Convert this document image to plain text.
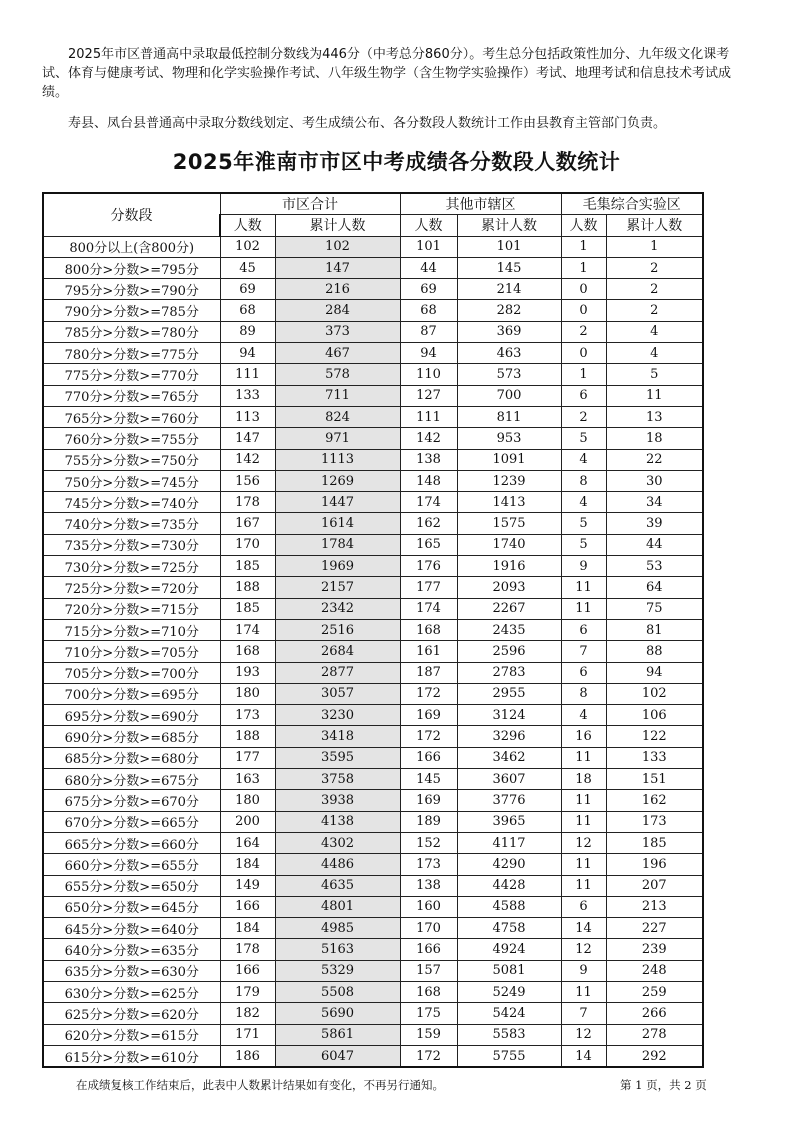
2025年市区普通高中录取最低控制分数线为446分（中考总分860分）。考生总分包括政策性加分、九年级文化课考试、体育与健康考试、物理和化学实验操作考试、八年级生物学（含生物学实验操作）考试、地理考试和信息技术考试成绩。
寿县、凤台县普通高中录取分数线划定、考生成绩公布、各分数段人数统计工作由县教育主管部门负责。
2025年淮南市市区中考成绩各分数段人数统计
分数段	市区合计		其他市辖区		毛集综合实验区	
	人数	累计人数	人数	累计人数	人数	累计人数
800分以上(含800分)	102	102	101	101	1	1
800分>分数>=795分	45	147	44	145	1	2
795分>分数>=790分	69	216	69	214	0	2
790分>分数>=785分	68	284	68	282	0	2
785分>分数>=780分	89	373	87	369	2	4
780分>分数>=775分	94	467	94	463	0	4
775分>分数>=770分	111	578	110	573	1	5
770分>分数>=765分	133	711	127	700	6	11
765分>分数>=760分	113	824	111	811	2	13
760分>分数>=755分	147	971	142	953	5	18
755分>分数>=750分	142	1113	138	1091	4	22
750分>分数>=745分	156	1269	148	1239	8	30
745分>分数>=740分	178	1447	174	1413	4	34
740分>分数>=735分	167	1614	162	1575	5	39
735分>分数>=730分	170	1784	165	1740	5	44
730分>分数>=725分	185	1969	176	1916	9	53
725分>分数>=720分	188	2157	177	2093	11	64
720分>分数>=715分	185	2342	174	2267	11	75
715分>分数>=710分	174	2516	168	2435	6	81
710分>分数>=705分	168	2684	161	2596	7	88
705分>分数>=700分	193	2877	187	2783	6	94
700分>分数>=695分	180	3057	172	2955	8	102
695分>分数>=690分	173	3230	169	3124	4	106
690分>分数>=685分	188	3418	172	3296	16	122
685分>分数>=680分	177	3595	166	3462	11	133
680分>分数>=675分	163	3758	145	3607	18	151
675分>分数>=670分	180	3938	169	3776	11	162
670分>分数>=665分	200	4138	189	3965	11	173
665分>分数>=660分	164	4302	152	4117	12	185
660分>分数>=655分	184	4486	173	4290	11	196
655分>分数>=650分	149	4635	138	4428	11	207
650分>分数>=645分	166	4801	160	4588	6	213
645分>分数>=640分	184	4985	170	4758	14	227
640分>分数>=635分	178	5163	166	4924	12	239
635分>分数>=630分	166	5329	157	5081	9	248
630分>分数>=625分	179	5508	168	5249	11	259
625分>分数>=620分	182	5690	175	5424	7	266
620分>分数>=615分	171	5861	159	5583	12	278
615分>分数>=610分	186	6047	172	5755	14	292
在成绩复核工作结束后，此表中人数累计结果如有变化，不再另行通知。	第 1 页，共 2 页
